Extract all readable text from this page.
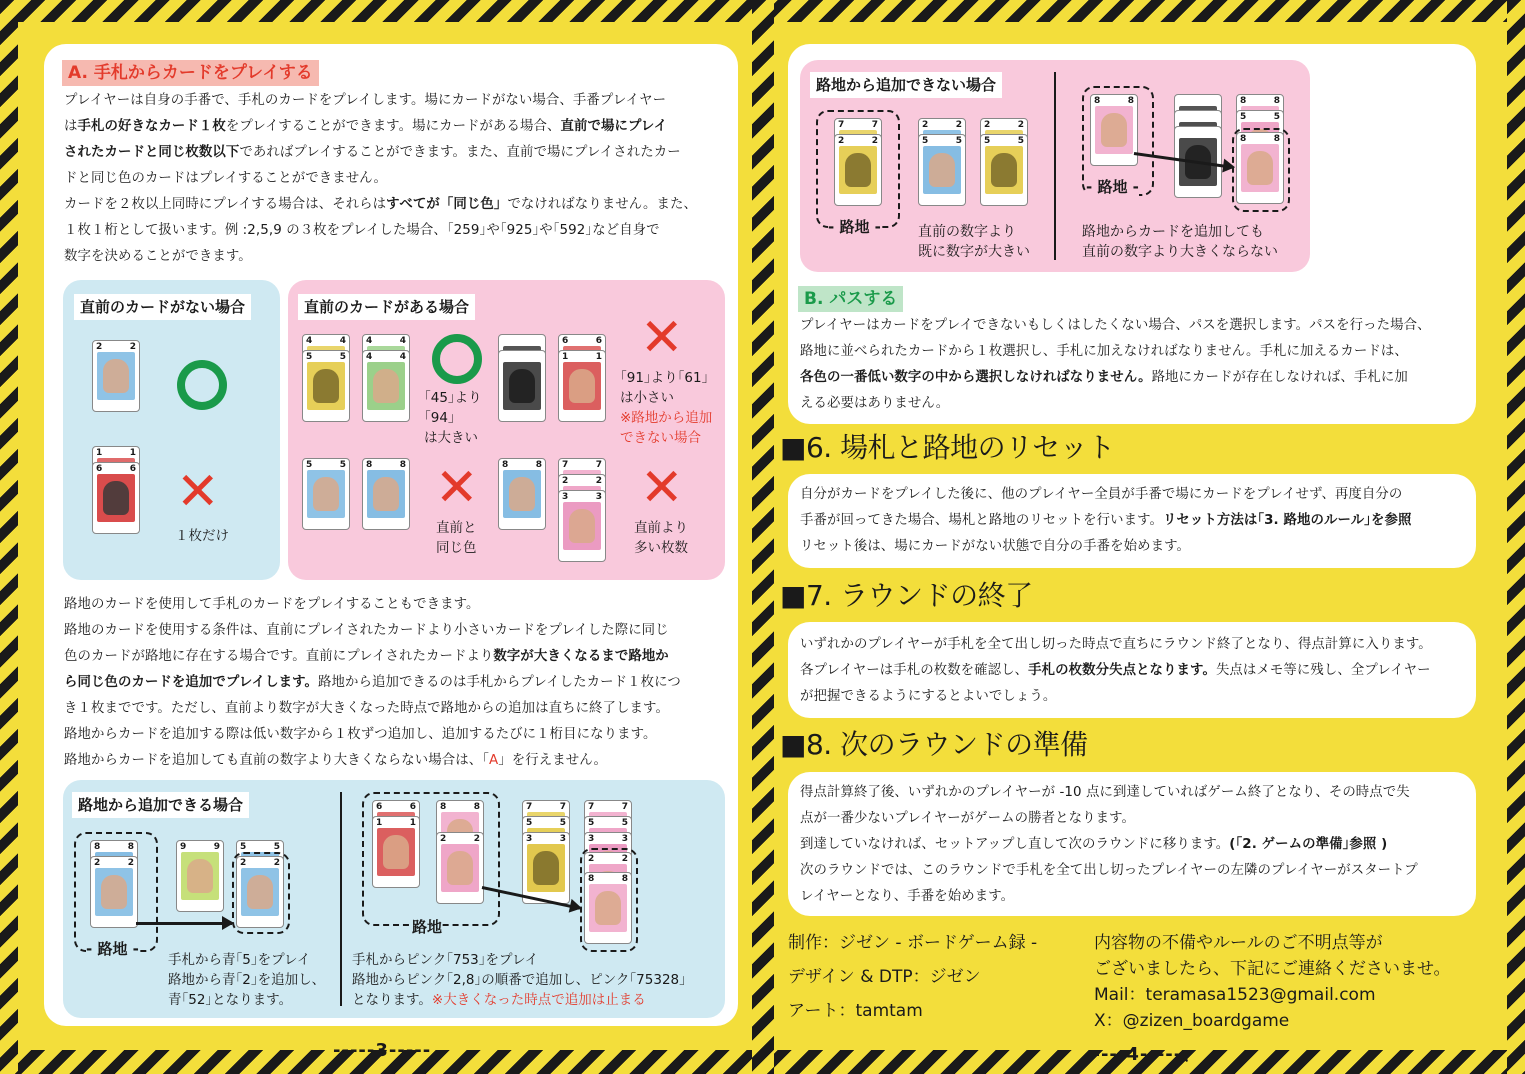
A. 手札からカードをプレイする
プレイヤーは自身の手番で、手札のカードをプレイします。場にカードがない場合、手番プレイヤー
は手札の好きなカード１枚をプレイすることができます。場にカードがある場合、直前で場にプレイ
されたカードと同じ枚数以下であればプレイすることができます。また、直前で場にプレイされたカー
ドと同じ色のカードはプレイすることができません。
カードを２枚以上同時にプレイする場合は、それらはすべてが「同じ色」でなければなりません。また、
１枚１桁として扱います。例 :2,5,9 の３枚をプレイした場合、｢259｣や｢925｣や｢592｣など自身で
数字を決めることができます。
直前のカードがない場合
2	2
1	1
6	6 ✕
１枚だけ
直前のカードがある場合
4	4
5	5
4	4
4	4
｢45｣より
｢94｣
は大きい
9	9
1	1
6	6
1	1 ✕
｢91｣より｢61｣
は小さい
※路地から追加
できない場合
5	5 8	8 ✕
直前と
同じ色
8	8 7	7
2	2
3	3 ✕
直前より
多い枚数
路地のカードを使用して手札のカードをプレイすることもできます。
路地のカードを使用する条件は、直前にプレイされたカードより小さいカードをプレイした際に同じ
色のカードが路地に存在する場合です。直前にプレイされたカードより数字が大きくなるまで路地か
ら同じ色のカードを追加でプレイします。路地から追加できるのは手札からプレイしたカード１枚につ
き１枚までです。ただし、直前より数字が大きくなった時点で路地からの追加は直ちに終了します。
路地からカードを追加する際は低い数字から１枚ずつ追加し、追加するたびに１桁目になります。
路地からカードを追加しても直前の数字より大きくならない場合は、「A」を行えません。
路地から追加できる場合
8	8
2	2
- 路地 -
9	9 5	5
2	2
手札から青｢5｣をプレイ
路地から青｢2｣を追加し、
青｢52｣となります。
6	6
1	1
8	8
2	2
路地
7	7
5	5
3	3
7	7
5	5
3	3
2	2
8	8
手札からピンク｢753｣をプレイ
路地からピンク｢2,8｣の順番で追加し、ピンク｢75328｣
となります。※大きくなった時点で追加は止まる
-----3-----
路地から追加できない場合
7	7
2	2
- 路地 -
2	2
5	5
2	2
5	5
直前の数字より
既に数字が大きい
8	8
- 路地 -
9	9
6	6
7	7
8	8
5	5
8	8
路地からカードを追加しても
直前の数字より大きくならない
B. パスする
プレイヤーはカードをプレイできないもしくはしたくない場合、パスを選択します。パスを行った場合、
路地に並べられたカードから１枚選択し、手札に加えなければなりません。手札に加えるカードは、
各色の一番低い数字の中から選択しなければなりません。路地にカードが存在しなければ、手札に加
える必要はありません。
■6. 場札と路地のリセット
自分がカードをプレイした後に、他のプレイヤー全員が手番で場にカードをプレイせず、再度自分の
手番が回ってきた場合、場札と路地のリセットを行います。リセット方法は｢3. 路地のルール｣を参照
リセット後は、場にカードがない状態で自分の手番を始めます。
■7. ラウンドの終了
いずれかのプレイヤーが手札を全て出し切った時点で直ちにラウンド終了となり、得点計算に入ります。
各プレイヤーは手札の枚数を確認し、手札の枚数分失点となります。失点はメモ等に残し、全プレイヤー
が把握できるようにするとよいでしょう。
■8. 次のラウンドの準備
得点計算終了後、いずれかのプレイヤーが -10 点に到達していればゲーム終了となり、その時点で失
点が一番少ないプレイヤーがゲームの勝者となります。
到達していなければ、セットアップし直して次のラウンドに移ります。(｢2. ゲームの準備｣参照 )
次のラウンドでは、このラウンドで手札を全て出し切ったプレイヤーの左隣のプレイヤーがスタートプ
レイヤーとなり、手番を始めます。
制作：ジゼン - ボードゲーム録 -
デザイン & DTP：ジゼン
アート：tamtam
内容物の不備やルールのご不明点等が
ございましたら、下記にご連絡くださいませ。
Mail：teramasa1523@gmail.com
X：@zizen_boardgame
-----4-----、
